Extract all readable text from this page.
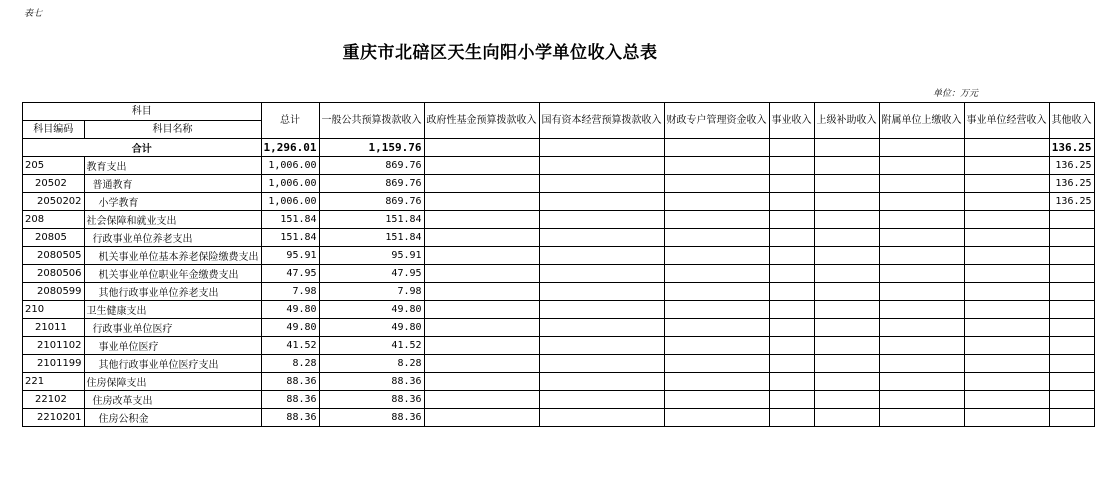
表七
重庆市北碚区天生向阳小学单位收入总表
单位：万元
科目		总计	一般公共预算拨款收入	政府性基金预算拨款收入	国有资本经营预算拨款收入	财政专户管理资金收入	事业收入	上级补助收入	附属单位上缴收入	事业单位经营收入	其他收入
科目编码	科目名称										
合计		1,296.01	1,159.76								136.25
205	教育支出	1,006.00	869.76								136.25
20502	普通教育	1,006.00	869.76								136.25
2050202	小学教育	1,006.00	869.76								136.25
208	社会保障和就业支出	151.84	151.84								
20805	行政事业单位养老支出	151.84	151.84								
2080505	机关事业单位基本养老保险缴费支出	95.91	95.91								
2080506	机关事业单位职业年金缴费支出	47.95	47.95								
2080599	其他行政事业单位养老支出	7.98	7.98								
210	卫生健康支出	49.80	49.80								
21011	行政事业单位医疗	49.80	49.80								
2101102	事业单位医疗	41.52	41.52								
2101199	其他行政事业单位医疗支出	8.28	8.28								
221	住房保障支出	88.36	88.36								
22102	住房改革支出	88.36	88.36								
2210201	住房公积金	88.36	88.36								
